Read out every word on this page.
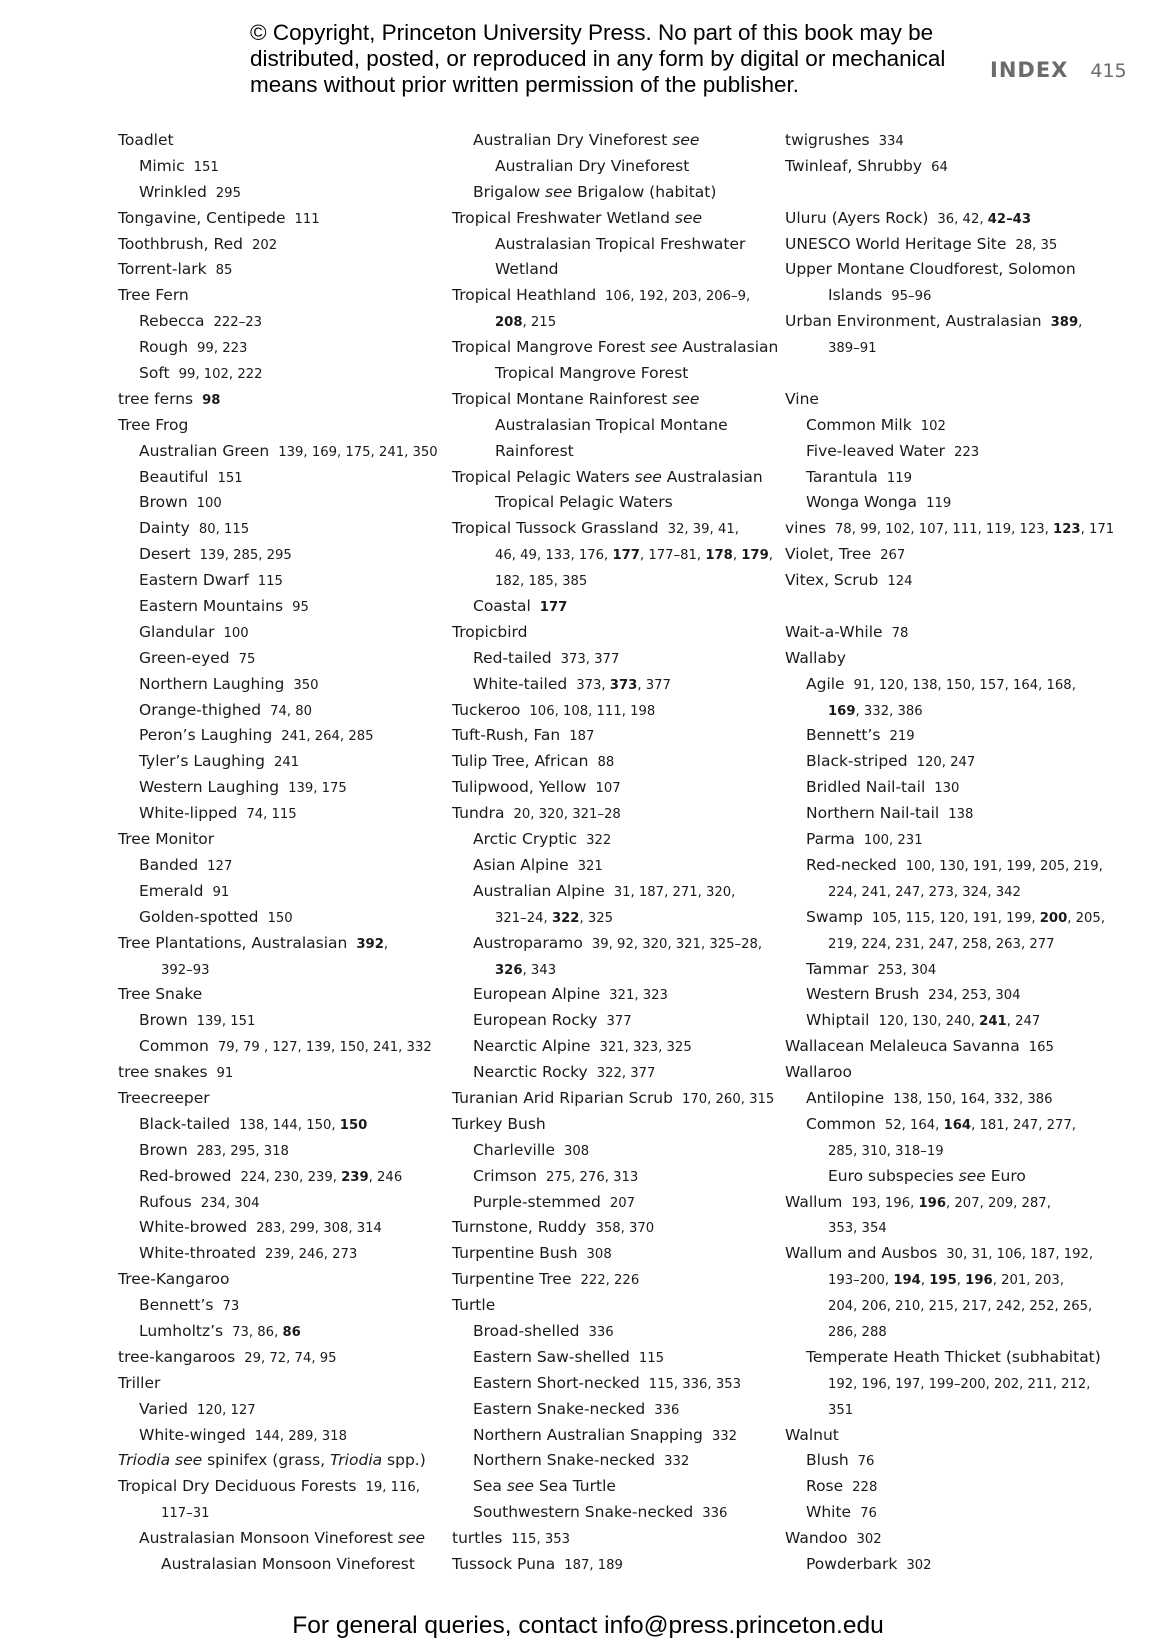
© Copyright, Princeton University Press. No part of this book may be
distributed, posted, or reproduced in any form by digital or mechanical
means without prior written permission of the publisher.
INDEX 415
Toadlet
Mimic 151
Wrinkled 295
Tongavine, Centipede 111
Toothbrush, Red 202
Torrent-lark 85
Tree Fern
Rebecca 222–23
Rough 99, 223
Soft 99, 102, 222
tree ferns 98
Tree Frog
Australian Green 139, 169, 175, 241, 350
Beautiful 151
Brown 100
Dainty 80, 115
Desert 139, 285, 295
Eastern Dwarf 115
Eastern Mountains 95
Glandular 100
Green-eyed 75
Northern Laughing 350
Orange-thighed 74, 80
Peron’s Laughing 241, 264, 285
Tyler’s Laughing 241
Western Laughing 139, 175
White-lipped 74, 115
Tree Monitor
Banded 127
Emerald 91
Golden-spotted 150
Tree Plantations, Australasian 392,
392–93
Tree Snake
Brown 139, 151
Common 79, 79 , 127, 139, 150, 241, 332
tree snakes 91
Treecreeper
Black-tailed 138, 144, 150, 150
Brown 283, 295, 318
Red-browed 224, 230, 239, 239, 246
Rufous 234, 304
White-browed 283, 299, 308, 314
White-throated 239, 246, 273
Tree-Kangaroo
Bennett’s 73
Lumholtz’s 73, 86, 86
tree-kangaroos 29, 72, 74, 95
Triller
Varied 120, 127
White-winged 144, 289, 318
Triodia see spinifex (grass, Triodia spp.)
Tropical Dry Deciduous Forests 19, 116,
117–31
Australasian Monsoon Vineforest see
Australasian Monsoon Vineforest
Australian Dry Vineforest see
Australian Dry Vineforest
Brigalow see Brigalow (habitat)
Tropical Freshwater Wetland see
Australasian Tropical Freshwater
Wetland
Tropical Heathland 106, 192, 203, 206–9,
208, 215
Tropical Mangrove Forest see Australasian
Tropical Mangrove Forest
Tropical Montane Rainforest see
Australasian Tropical Montane
Rainforest
Tropical Pelagic Waters see Australasian
Tropical Pelagic Waters
Tropical Tussock Grassland 32, 39, 41,
46, 49, 133, 176, 177, 177–81, 178, 179,
182, 185, 385
Coastal 177
Tropicbird
Red-tailed 373, 377
White-tailed 373, 373, 377
Tuckeroo 106, 108, 111, 198
Tuft-Rush, Fan 187
Tulip Tree, African 88
Tulipwood, Yellow 107
Tundra 20, 320, 321–28
Arctic Cryptic 322
Asian Alpine 321
Australian Alpine 31, 187, 271, 320,
321–24, 322, 325
Austroparamo 39, 92, 320, 321, 325–28,
326, 343
European Alpine 321, 323
European Rocky 377
Nearctic Alpine 321, 323, 325
Nearctic Rocky 322, 377
Turanian Arid Riparian Scrub 170, 260, 315
Turkey Bush
Charleville 308
Crimson 275, 276, 313
Purple-stemmed 207
Turnstone, Ruddy 358, 370
Turpentine Bush 308
Turpentine Tree 222, 226
Turtle
Broad-shelled 336
Eastern Saw-shelled 115
Eastern Short-necked 115, 336, 353
Eastern Snake-necked 336
Northern Australian Snapping 332
Northern Snake-necked 332
Sea see Sea Turtle
Southwestern Snake-necked 336
turtles 115, 353
Tussock Puna 187, 189
twigrushes 334
Twinleaf, Shrubby 64
Uluru (Ayers Rock) 36, 42, 42–43
UNESCO World Heritage Site 28, 35
Upper Montane Cloudforest, Solomon
Islands 95–96
Urban Environment, Australasian 389,
389–91
Vine
Common Milk 102
Five-leaved Water 223
Tarantula 119
Wonga Wonga 119
vines 78, 99, 102, 107, 111, 119, 123, 123, 171
Violet, Tree 267
Vitex, Scrub 124
Wait-a-While 78
Wallaby
Agile 91, 120, 138, 150, 157, 164, 168,
169, 332, 386
Bennett’s 219
Black-striped 120, 247
Bridled Nail-tail 130
Northern Nail-tail 138
Parma 100, 231
Red-necked 100, 130, 191, 199, 205, 219,
224, 241, 247, 273, 324, 342
Swamp 105, 115, 120, 191, 199, 200, 205,
219, 224, 231, 247, 258, 263, 277
Tammar 253, 304
Western Brush 234, 253, 304
Whiptail 120, 130, 240, 241, 247
Wallacean Melaleuca Savanna 165
Wallaroo
Antilopine 138, 150, 164, 332, 386
Common 52, 164, 164, 181, 247, 277,
285, 310, 318–19
Euro subspecies see Euro
Wallum 193, 196, 196, 207, 209, 287,
353, 354
Wallum and Ausbos 30, 31, 106, 187, 192,
193–200, 194, 195, 196, 201, 203,
204, 206, 210, 215, 217, 242, 252, 265,
286, 288
Temperate Heath Thicket (subhabitat)
192, 196, 197, 199–200, 202, 211, 212,
351
Walnut
Blush 76
Rose 228
White 76
Wandoo 302
Powderbark 302
For general queries, contact info@press.princeton.edu
